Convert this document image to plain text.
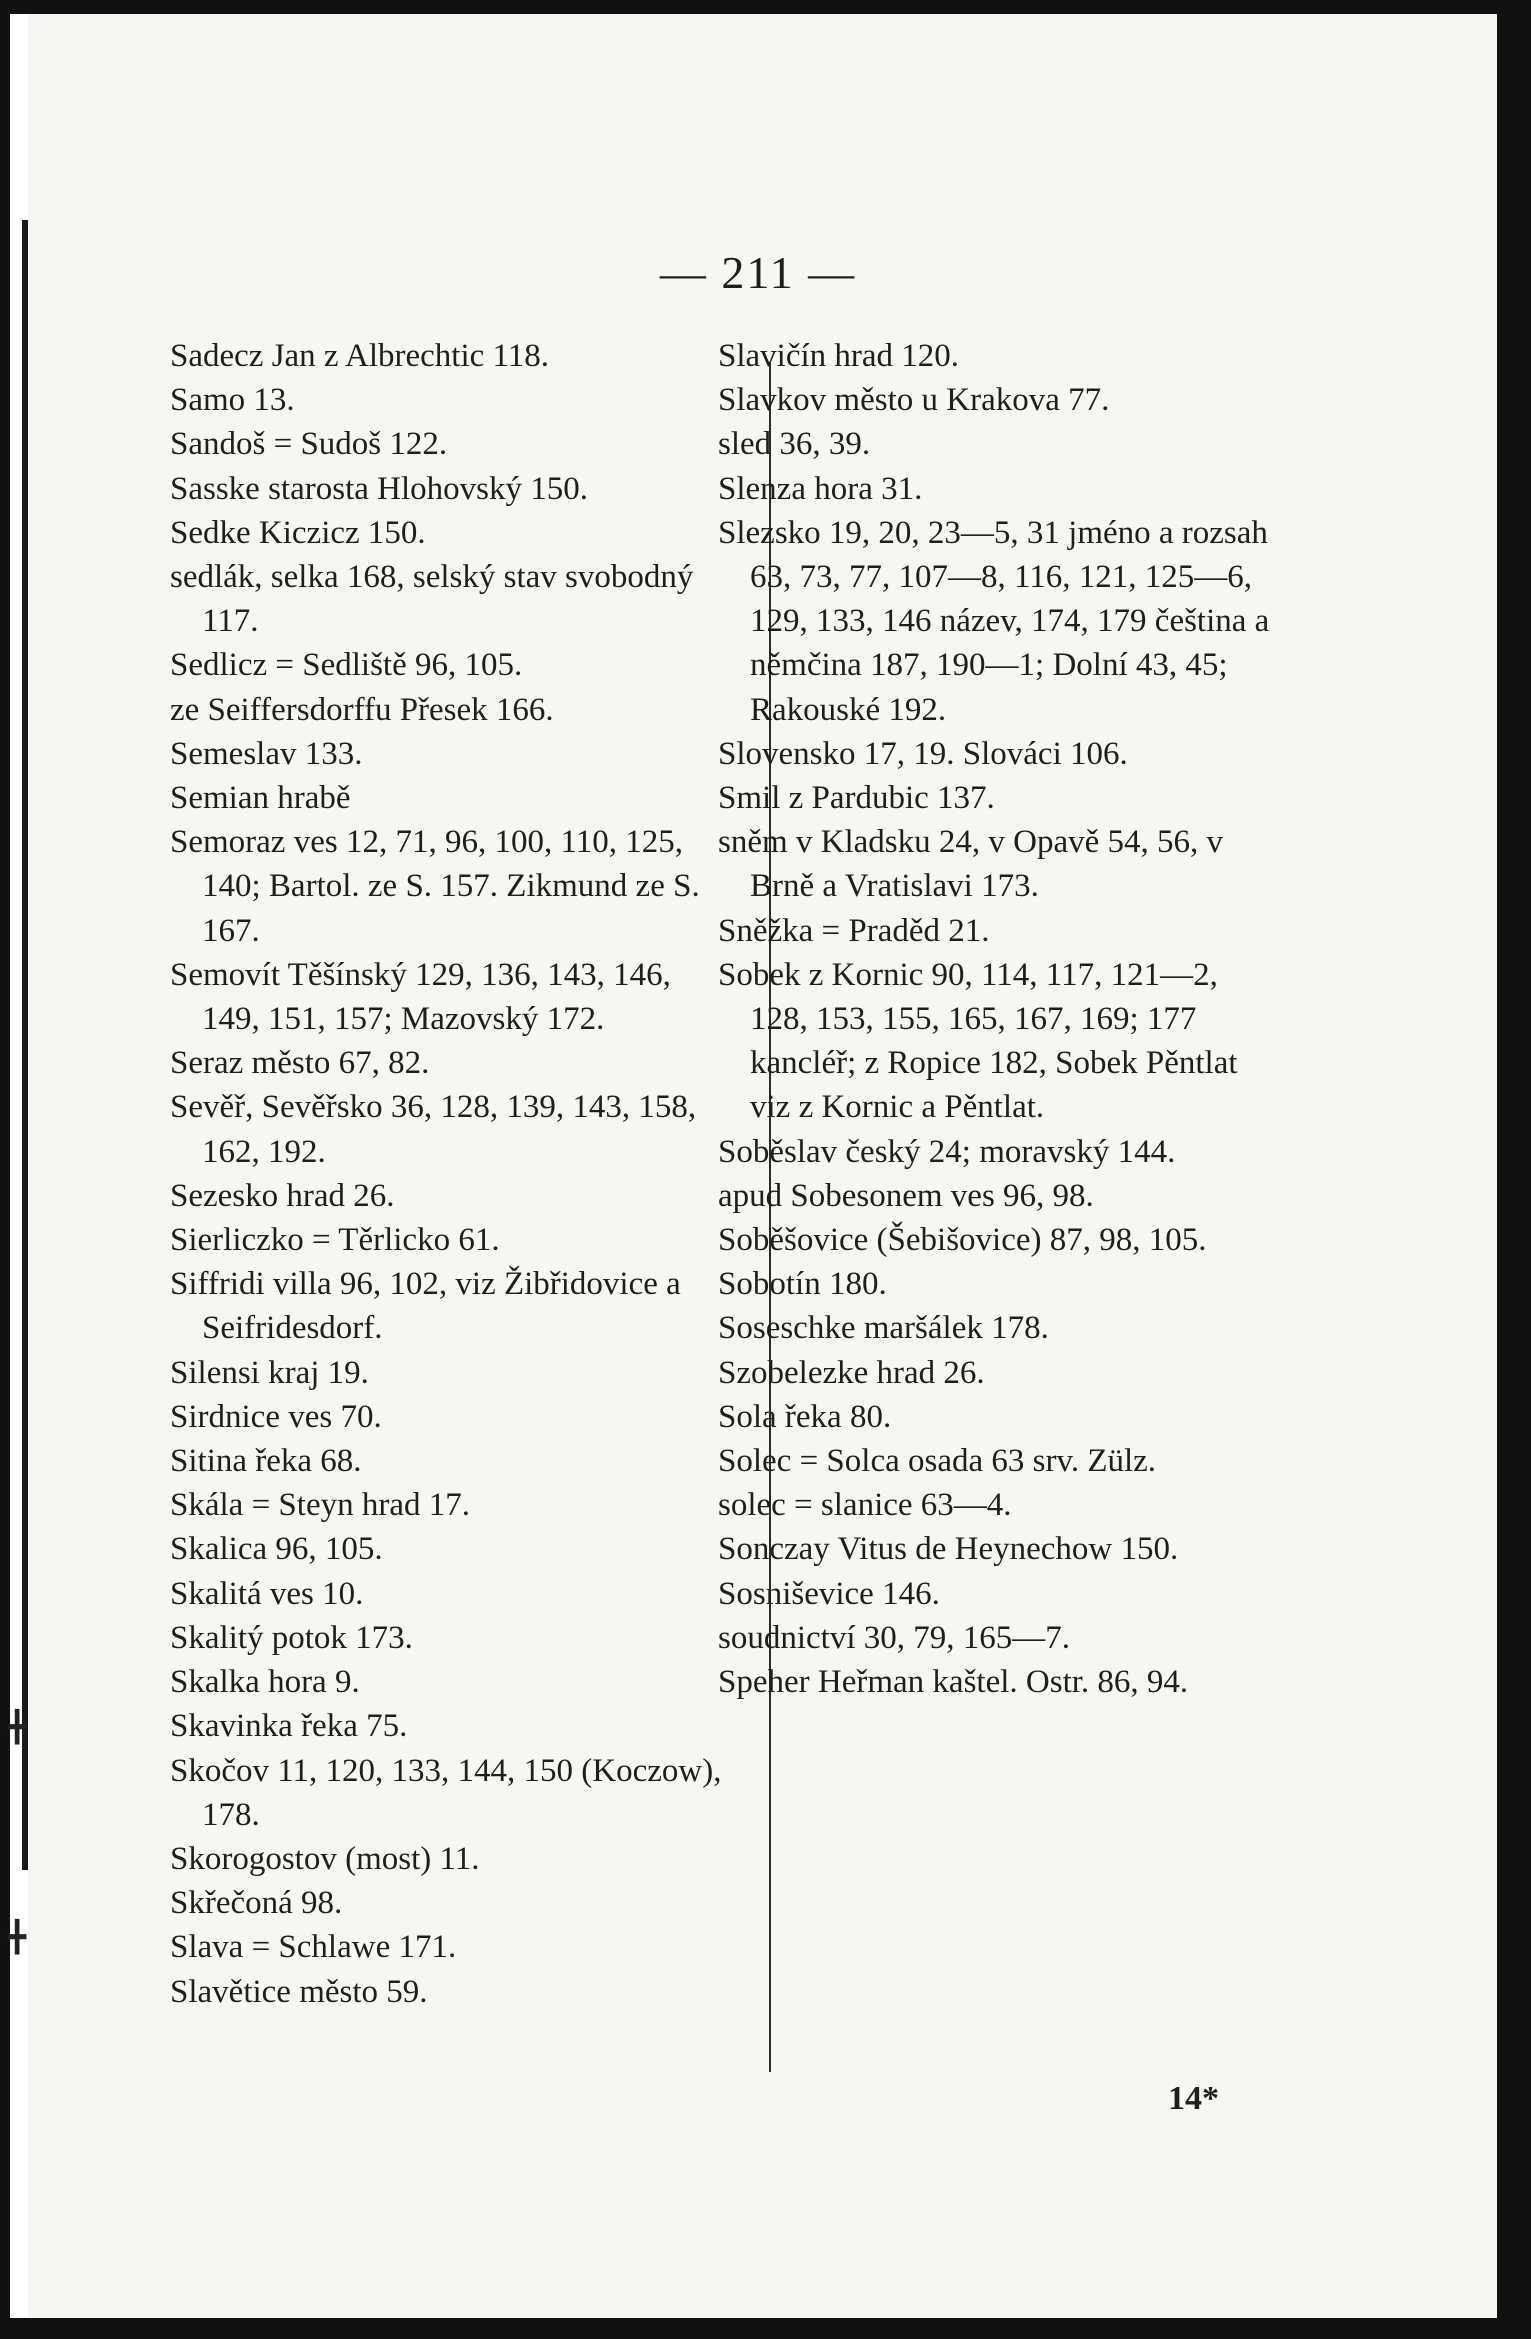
— 211 —
14*
╋
╋
Sadecz Jan z Albrechtic 118.
Samo 13.
Sandoš = Sudoš 122.
Sasske starosta Hlohovský 150.
Sedke Kiczicz 150.
sedlák, selka 168, selský stav svobodný 117.
Sedlicz = Sedliště 96, 105.
ze Seiffersdorffu Přesek 166.
Semeslav 133.
Semian hrabě
Semoraz ves 12, 71, 96, 100, 110, 125, 140; Bartol. ze S. 157. Zikmund ze S. 167.
Semovít Těšínský 129, 136, 143, 146, 149, 151, 157; Mazovský 172.
Seraz město 67, 82.
Sevěř, Sevěřsko 36, 128, 139, 143, 158, 162, 192.
Sezesko hrad 26.
Sierliczko = Těrlicko 61.
Siffridi villa 96, 102, viz Žibřidovice a Seifridesdorf.
Silensi kraj 19.
Sirdnice ves 70.
Sitina řeka 68.
Skála = Steyn hrad 17.
Skalica 96, 105.
Skalitá ves 10.
Skalitý potok 173.
Skalka hora 9.
Skavinka řeka 75.
Skočov 11, 120, 133, 144, 150 (Koczow), 178.
Skorogostov (most) 11.
Skřečoná 98.
Slava = Schlawe 171.
Slavětice město 59.
Slavičín hrad 120.
Slavkov město u Krakova 77.
sled 36, 39.
Slenza hora 31.
Slezsko 19, 20, 23—5, 31 jméno a rozsah 63, 73, 77, 107—8, 116, 121, 125—6, 129, 133, 146 název, 174, 179 čeština a němčina 187, 190—1; Dolní 43, 45; Rakouské 192.
Slovensko 17, 19. Slováci 106.
Smil z Pardubic 137.
sněm v Kladsku 24, v Opavě 54, 56, v Brně a Vratislavi 173.
Sněžka = Praděd 21.
Sobek z Kornic 90, 114, 117, 121—2, 128, 153, 155, 165, 167, 169; 177 kancléř; z Ropice 182, Sobek Pěntlat viz z Kornic a Pěntlat.
Soběslav český 24; moravský 144.
apud Sobesonem ves 96, 98.
Soběšovice (Šebišovice) 87, 98, 105.
Sobotín 180.
Soseschke maršálek 178.
Szobelezke hrad 26.
Sola řeka 80.
Solec = Solca osada 63 srv. Zülz.
solec = slanice 63—4.
Sonczay Vitus de Heynechow 150.
Sosniševice 146.
soudnictví 30, 79, 165—7.
Speher Heřman kaštel. Ostr. 86, 94.
